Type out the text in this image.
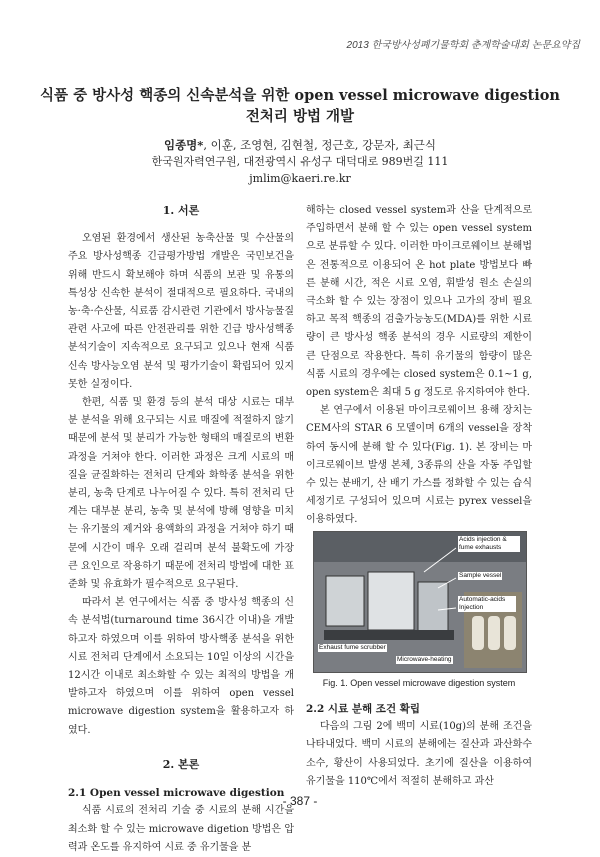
2013 한국방사성폐기물학회 춘계학술대회 논문요약집
식품 중 방사성 핵종의 신속분석을 위한 open vessel microwave digestion
전처리 방법 개발
임종명*, 이훈, 조영현, 김현철, 정근호, 강문자, 최근식
한국원자력연구원, 대전광역시 유성구 대덕대로 989번길 111
jmlim@kaeri.re.kr
1. 서론

오염된 환경에서 생산된 농축산물 및 수산물의 주요 방사성핵종 긴급평가방법 개발은 국민보건을 위해 반드시 확보해야 하며 식품의 보관 및 유통의 특성상 신속한 분석이 절대적으로 필요하다. 국내의 농·축·수산물, 식료품 감시관련 기관에서 방사능물질 관련 사고에 따른 안전관리를 위한 긴급 방사성핵종 분석기술이 지속적으로 요구되고 있으나 현재 식품 신속 방사능오염 분석 및 평가기술이 확립되어 있지 못한 실정이다.

한편, 식품 및 환경 등의 분석 대상 시료는 대부분 분석을 위해 요구되는 시료 매질에 적절하지 않기 때문에 분석 및 분리가 가능한 형태의 매질로의 변환 과정을 거쳐야 한다. 이러한 과정은 크게 시료의 매질을 균질화하는 전처리 단계와 화학종 분석을 위한 분리, 농축 단계로 나누어질 수 있다. 특히 전처리 단계는 대부분 분리, 농축 및 분석에 방해 영향을 미치는 유기물의 제거와 용액화의 과정을 거쳐야 하기 때문에 시간이 매우 오래 걸리며 분석 불확도에 가장 큰 요인으로 작용하기 때문에 전처리 방법에 대한 표준화 및 유효화가 필수적으로 요구된다.

따라서 본 연구에서는 식품 중 방사성 핵종의 신속 분석법(turnaround time 36시간 이내)을 개발하고자 하였으며 이를 위하여 방사핵종 분석을 위한 시료 전처리 단계에서 소요되는 10일 이상의 시간을 12시간 이내로 최소화할 수 있는 최적의 방법을 개발하고자 하였으며 이를 위하여 open vessel microwave digestion system을 활용하고자 하였다.

2. 본론
2.1 Open vessel microwave digestion

식품 시료의 전처리 기술 중 시료의 분해 시간을 최소화 할 수 있는 microwave digetion 방법은 압력과 온도를 유지하여 시료 중 유기물을 분

해하는 closed vessel system과 산을 단계적으로 주입하면서 분해 할 수 있는 open vessel system으로 분류할 수 있다. 이러한 마이크로웨이브 분해법은 전통적으로 이용되어 온 hot plate 방법보다 빠른 분해 시간, 적은 시료 오염, 휘발성 원소 손실의 극소화 할 수 있는 장점이 있으나 고가의 장비 필요하고 목적 핵종의 검출가능농도(MDA)를 위한 시료량이 큰 방사성 핵종 분석의 경우 시료량의 제한이 큰 단점으로 작용한다. 특히 유기물의 함량이 많은 식품 시료의 경우에는 closed system은 0.1~1 g, open system은 최대 5 g 정도로 유지하여야 한다.

본 연구에서 이용된 마이크로웨이브 용해 장치는 CEM사의 STAR 6 모델이며 6개의 vessel을 장착하여 동시에 분해 할 수 있다(Fig. 1). 본 장비는 마이크로웨이브 발생 본체, 3종류의 산을 자동 주입할 수 있는 분배기, 산 배기 가스를 정화할 수 있는 습식세정기로 구성되어 있으며 시료는 pyrex vessel을 이용하였다.

Acids injection & fume exhausts
Sample vessel
Automatic-acids Injection
Exhaust fume scrubber
Microwave-heating
Fig. 1. Open vessel microwave digestion system
2.2 시료 분해 조건 확립

다음의 그림 2에 백미 시료(10g)의 분해 조건을 나타내었다. 백미 시료의 분해에는 질산과 과산화수소수, 황산이 사용되었다. 초기에 질산을 이용하여 유기물을 110℃에서 적절히 분해하고 과산

- 387 -
